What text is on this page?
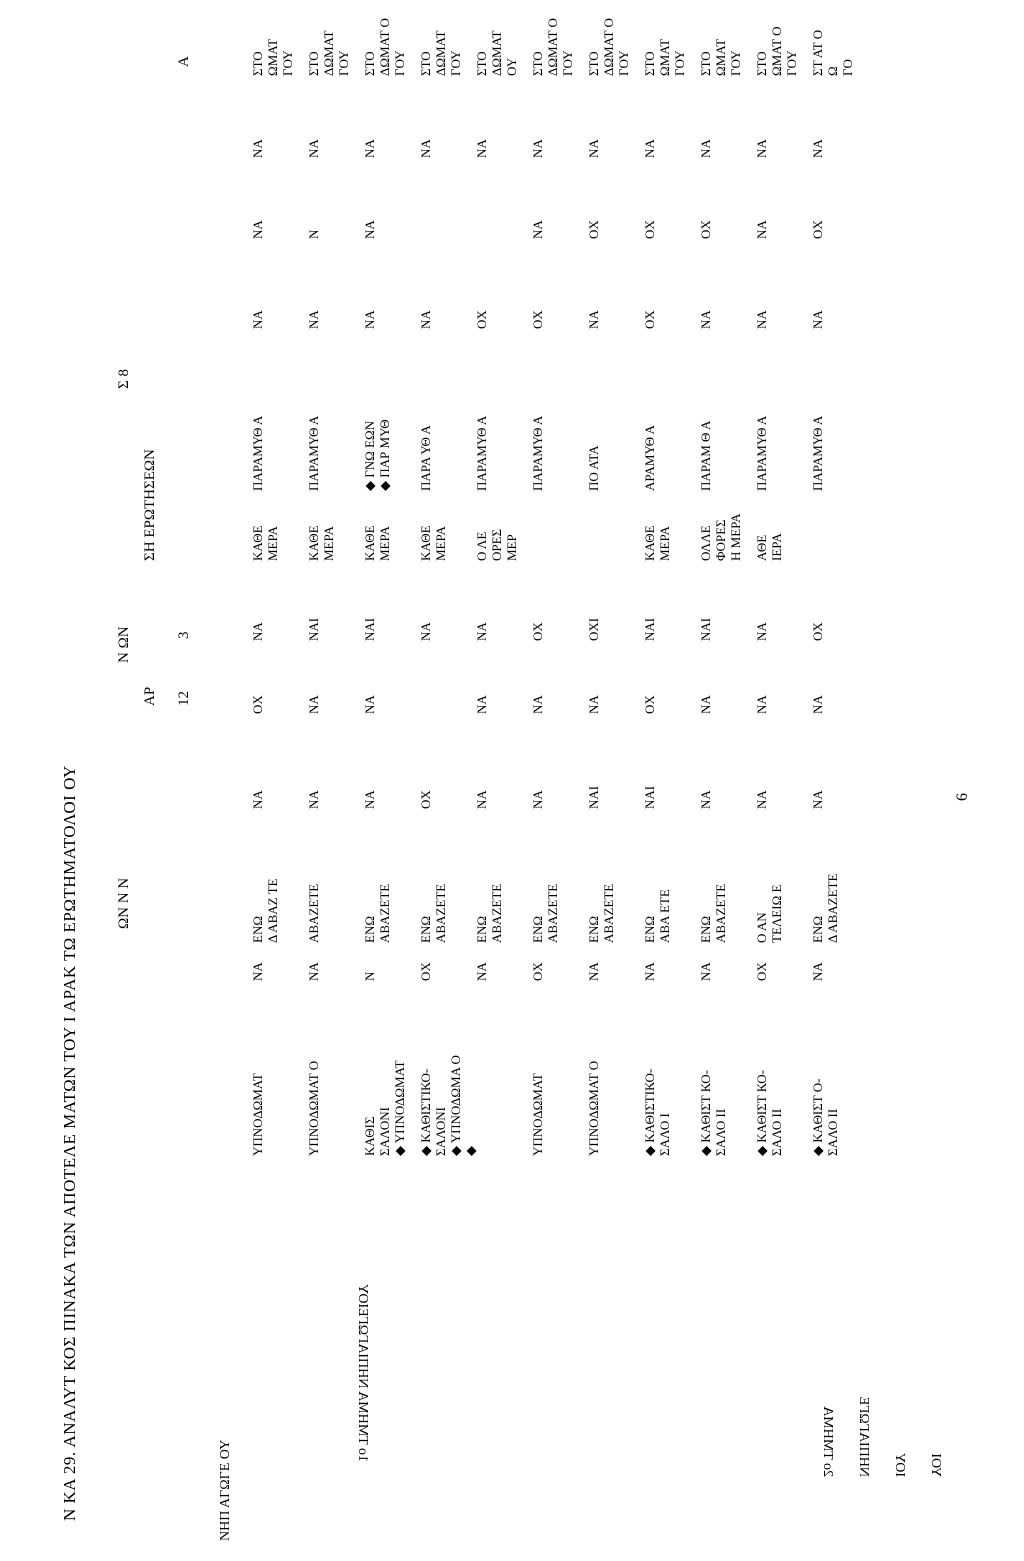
Ν ΚΑ 29. ΑΝΑΛΥΤ ΚΟΣ ΠΙΝΑΚΑ ΤΩΝ ΑΠΟΤΕΛΕ ΜΑΤΩΝ ΤΟΥ Ι ΑΡΑΚ ΤΩ ΕΡΩΤΗΜΑΤΟΛΟΙ ΟΥ ΩΝ Ν Ν
Ν ΩΝ
Σ 8
Α
ΑΡ 12
3
ΣΗ ΕΡΩΤΗΣΕΩΝ
ΝΗΠ ΑΓΩΓΕ ΟΥ

1ο ΤΜΗΜΑ ΝΗΠΙΑΓΩΓΕΙΟΥ
	2ο ΤΜΗΜΑ ΝΗΠΙΑΓΩΓΕ ΙΟΥ ΥΟΙ

ΥΠΝΟΔΩΜΑΤ
ΝΑ
ΕΝΩ
Δ ΑΒΑΖ ΤΕ
ΝΑ
ΟΧ
ΝΑ
ΚΑΘΕ
ΜΕΡΑ
ΠΑΡΑΜΥΘ Α
ΝΑ
ΝΑ
ΝΑ
ΣΤΟ
ΩΜΑΤ
ΓΟΥ
ΥΠΝΟΔΩΜΑΤ Ο
ΝΑ
ΑΒΑΖΕΤΕ
ΝΑ
ΝΑ
ΝΑΙ
ΚΑΘΕ
ΜΕΡΑ
ΠΑΡΑΜΥΘ Α
ΝΑ
Ν
ΝΑ
ΣΤΟ
ΔΩΜΑΤ
ΓΟΥ
ΚΑΘΙΣ
ΣΑΛΟΝΙ
◆ ΥΠΝΟΔΩΜΑΤ
Ν
ΕΝΩ
ΑΒΑΖΕΤΕ
ΝΑ
ΝΑ
ΝΑΙ
ΚΑΘΕ
ΜΕΡΑ
◆ ΓΝΩ ΕΩΝ
◆ ΠΑΡ ΜΥΘ
ΝΑ
ΝΑ
ΝΑ
ΣΤΟ
ΔΩΜΑΤ Ο
ΓΟΥ
◆ ΚΑΘΙΣΤΙΚΟ-
ΣΑΛΟΝΙ
◆ ΥΠΝΟΔΩΜΑ Ο
◆
ΟΧ
ΕΝΩ
ΑΒΑΖΕΤΕ
ΟΧ
ΝΑ
ΚΑΘΕ
ΜΕΡΑ
ΠΑΡΑ ΥΘ Α
ΝΑ
ΝΑ
ΣΤΟ
ΔΩΜΑΤ
ΓΟΥ
ΝΑ
ΕΝΩ
ΑΒΑΖΕΤΕ
ΝΑ
ΝΑ
ΝΑ
Ο ΛΕ
ΟΡΕΣ
ΜΕΡ
ΠΑΡΑΜΥΘ Α
ΟΧ
ΝΑ
ΣΤΟ
ΔΩΜΑΤ
ΟΥ
ΥΠΝΟΔΩΜΑΤ
ΟΧ
ΕΝΩ
ΑΒΑΖΕΤΕ
ΝΑ
ΝΑ
ΟΧ
ΠΑΡΑΜΥΘ Α
ΟΧ
ΝΑ
ΝΑ
ΣΤΟ
ΔΩΜΑΤ Ο
ΓΟΥ
ΥΠΝΟΔΩΜΑΤ Ο
ΝΑ
ΕΝΩ
ΑΒΑΖΕΤΕ
ΝΑΙ
ΝΑ
ΟΧΙ
ΠΟ ΑΤΑ
ΝΑ
ΟΧ
ΝΑ
ΣΤΟ
ΔΩΜΑΤ Ο
ΓΟΥ
◆ ΚΑΘΙΣΤΙΚΟ-
ΣΑΛΟ Ι
ΝΑ
ΕΝΩ
ΑΒΑ ΕΤΕ
ΝΑΙ
ΟΧ
ΝΑΙ
ΚΑΘΕ
ΜΕΡΑ
ΑΡΑΜΥΘ Α
ΟΧ
ΟΧ
ΝΑ
ΣΤΟ
ΩΜΑΤ
ΓΟΥ
◆ ΚΑΘΙΣΤ ΚΟ-
ΣΑΛΟ ΙΙ
ΝΑ
ΕΝΩ
ΑΒΑΖΕΤΕ
ΝΑ
ΝΑ
ΝΑΙ
ΟΛΛΕ
ΦΟΡΕΣ
Η ΜΕΡΑ
ΠΑΡΑΜ Θ Α
ΝΑ
ΟΧ
ΝΑ
ΣΤΟ
ΩΜΑΤ
ΓΟΥ
◆ ΚΑΘΙΣΤ ΚΟ-
ΣΑΛΟ ΙΙ
ΟΧ
Ο ΑΝ
ΤΕΛΕΙΩ Ε
ΝΑ
ΝΑ
ΝΑ
ΑΘΕ
ΙΕΡΑ
ΠΑΡΑΜΥΘ Α
ΝΑ
ΝΑ
ΝΑ
ΣΤΟ
ΩΜΑΤ Ο
ΓΟΥ
◆ ΚΑΘΙΣΤ Ο-
ΣΑΛΟ ΙΙ
ΝΑ
ΕΝΩ
Δ ΑΒΑΖΕΤΕ
ΝΑ
ΝΑ
ΟΧ
ΠΑΡΑΜΥΘ Α
ΝΑ
ΟΧ
ΝΑ
ΣΤ ΑΤ Ο
Ω
ΓΟ
6
